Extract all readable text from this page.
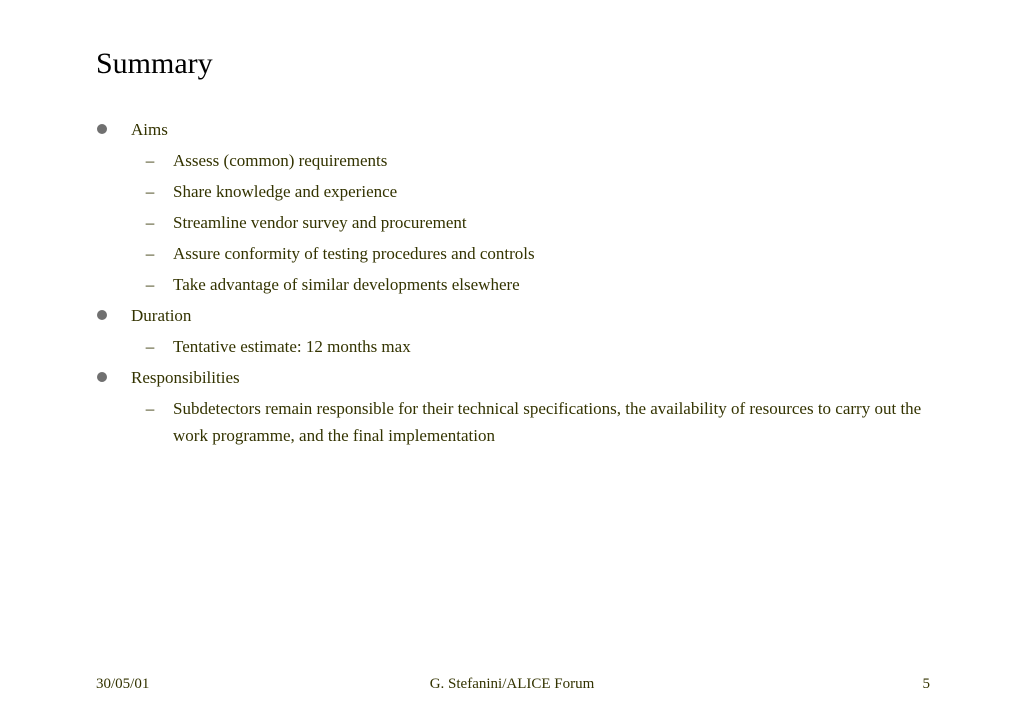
Summary
Aims
– Assess (common) requirements
– Share knowledge and experience
– Streamline vendor survey and procurement
– Assure conformity of testing procedures and controls
– Take advantage of similar developments elsewhere
Duration
– Tentative estimate: 12 months max
Responsibilities
– Subdetectors remain responsible for their technical specifications, the availability of resources to carry out the work programme, and the final implementation
30/05/01	G. Stefanini/ALICE Forum	5
